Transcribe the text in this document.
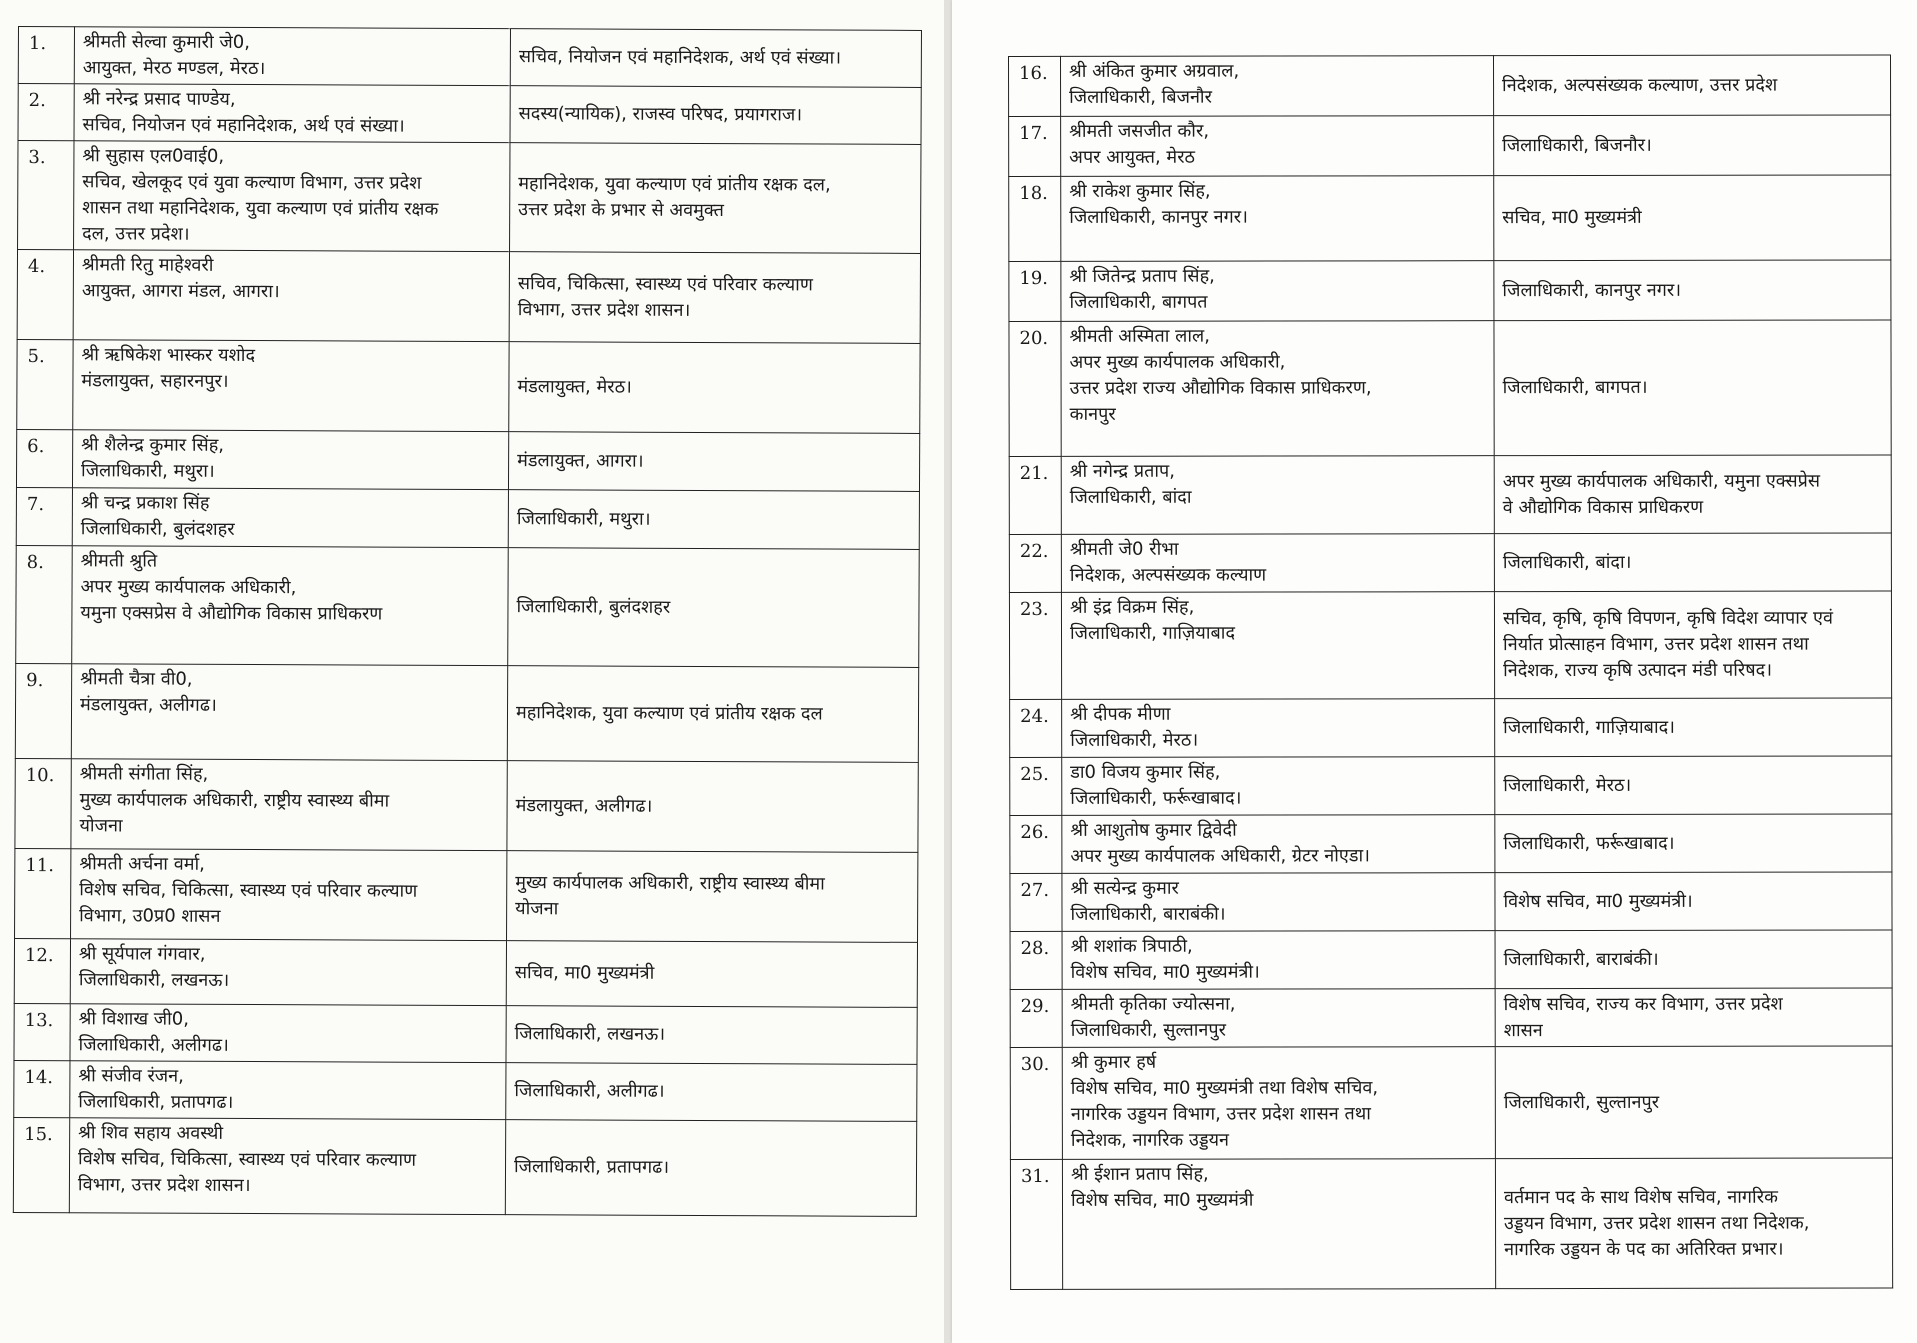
1.	श्रीमती सेल्वा कुमारी जे0,
आयुक्त, मेरठ मण्डल, मेरठ।	सचिव, नियोजन एवं महानिदेशक, अर्थ एवं संख्या।

2.	श्री नरेन्द्र प्रसाद पाण्डेय,
सचिव, नियोजन एवं महानिदेशक, अर्थ एवं संख्या।	सदस्य(न्यायिक), राजस्व परिषद, प्रयागराज।

3.	श्री सुहास एल0वाई0,
सचिव, खेलकूद एवं युवा कल्याण विभाग, उत्तर प्रदेश
शासन तथा महानिदेशक, युवा कल्याण एवं प्रांतीय रक्षक
दल, उत्तर प्रदेश।	महानिदेशक, युवा कल्याण एवं प्रांतीय रक्षक दल,
उत्तर प्रदेश के प्रभार से अवमुक्त

4.	श्रीमती रितु माहेश्वरी
आयुक्त, आगरा मंडल, आगरा।	सचिव, चिकित्सा, स्वास्थ्य एवं परिवार कल्याण
विभाग, उत्तर प्रदेश शासन।

5.	श्री ऋषिकेश भास्कर यशोद
मंडलायुक्त, सहारनपुर।	मंडलायुक्त, मेरठ।

6.	श्री शैलेन्द्र कुमार सिंह,
जिलाधिकारी, मथुरा।	मंडलायुक्त, आगरा।

7.	श्री चन्द्र प्रकाश सिंह
जिलाधिकारी, बुलंदशहर	जिलाधिकारी, मथुरा।

8.	श्रीमती श्रुति
अपर मुख्य कार्यपालक अधिकारी,
यमुना एक्सप्रेस वे औद्योगिक विकास प्राधिकरण	जिलाधिकारी, बुलंदशहर

9.	श्रीमती चैत्रा वी0,
मंडलायुक्त, अलीगढ।	महानिदेशक, युवा कल्याण एवं प्रांतीय रक्षक दल

10.	श्रीमती संगीता सिंह,
मुख्य कार्यपालक अधिकारी, राष्ट्रीय स्वास्थ्य बीमा
योजना	मंडलायुक्त, अलीगढ।

11.	श्रीमती अर्चना वर्मा,
विशेष सचिव, चिकित्सा, स्वास्थ्य एवं परिवार कल्याण
विभाग, उ0प्र0 शासन	मुख्य कार्यपालक अधिकारी, राष्ट्रीय स्वास्थ्य बीमा
योजना

12.	श्री सूर्यपाल गंगवार,
जिलाधिकारी, लखनऊ।	सचिव, मा0 मुख्यमंत्री

13.	श्री विशाख जी0,
जिलाधिकारी, अलीगढ।	जिलाधिकारी, लखनऊ।

14.	श्री संजीव रंजन,
जिलाधिकारी, प्रतापगढ।	जिलाधिकारी, अलीगढ।

15.	श्री शिव सहाय अवस्थी
विशेष सचिव, चिकित्सा, स्वास्थ्य एवं परिवार कल्याण
विभाग, उत्तर प्रदेश शासन।	जिलाधिकारी, प्रतापगढ।
16.	श्री अंकित कुमार अग्रवाल,
जिलाधिकारी, बिजनौर	निदेशक, अल्पसंख्यक कल्याण, उत्तर प्रदेश

17.	श्रीमती जसजीत कौर,
अपर आयुक्त, मेरठ	जिलाधिकारी, बिजनौर।

18.	श्री राकेश कुमार सिंह,
जिलाधिकारी, कानपुर नगर।	सचिव, मा0 मुख्यमंत्री

19.	श्री जितेन्द्र प्रताप सिंह,
जिलाधिकारी, बागपत	जिलाधिकारी, कानपुर नगर।

20.	श्रीमती अस्मिता लाल,
अपर मुख्य कार्यपालक अधिकारी,
उत्तर प्रदेश राज्य औद्योगिक विकास प्राधिकरण,
कानपुर	जिलाधिकारी, बागपत।

21.	श्री नगेन्द्र प्रताप,
जिलाधिकारी, बांदा	अपर मुख्य कार्यपालक अधिकारी, यमुना एक्सप्रेस
वे औद्योगिक विकास प्राधिकरण

22.	श्रीमती जे0 रीभा
निदेशक, अल्पसंख्यक कल्याण	जिलाधिकारी, बांदा।

23.	श्री इंद्र विक्रम सिंह,
जिलाधिकारी, गाज़ियाबाद	सचिव, कृषि, कृषि विपणन, कृषि विदेश व्यापार एवं
निर्यात प्रोत्साहन विभाग, उत्तर प्रदेश शासन तथा
निदेशक, राज्य कृषि उत्पादन मंडी परिषद।

24.	श्री दीपक मीणा
जिलाधिकारी, मेरठ।	जिलाधिकारी, गाज़ियाबाद।

25.	डा0 विजय कुमार सिंह,
जिलाधिकारी, फर्रूखाबाद।	जिलाधिकारी, मेरठ।

26.	श्री आशुतोष कुमार द्विवेदी
अपर मुख्य कार्यपालक अधिकारी, ग्रेटर नोएडा।	जिलाधिकारी, फर्रूखाबाद।

27.	श्री सत्येन्द्र कुमार
जिलाधिकारी, बाराबंकी।	विशेष सचिव, मा0 मुख्यमंत्री।

28.	श्री शशांक त्रिपाठी,
विशेष सचिव, मा0 मुख्यमंत्री।	जिलाधिकारी, बाराबंकी।

29.	श्रीमती कृतिका ज्योत्सना,
जिलाधिकारी, सुल्तानपुर	विशेष सचिव, राज्य कर विभाग, उत्तर प्रदेश
शासन

30.	श्री कुमार हर्ष
विशेष सचिव, मा0 मुख्यमंत्री तथा विशेष सचिव,
नागरिक उड्डयन विभाग, उत्तर प्रदेश शासन तथा
निदेशक, नागरिक उड्डयन	जिलाधिकारी, सुल्तानपुर

31.	श्री ईशान प्रताप सिंह,
विशेष सचिव, मा0 मुख्यमंत्री	वर्तमान पद के साथ विशेष सचिव, नागरिक
उड्डयन विभाग, उत्तर प्रदेश शासन तथा निदेशक,
नागरिक उड्डयन के पद का अतिरिक्त प्रभार।
